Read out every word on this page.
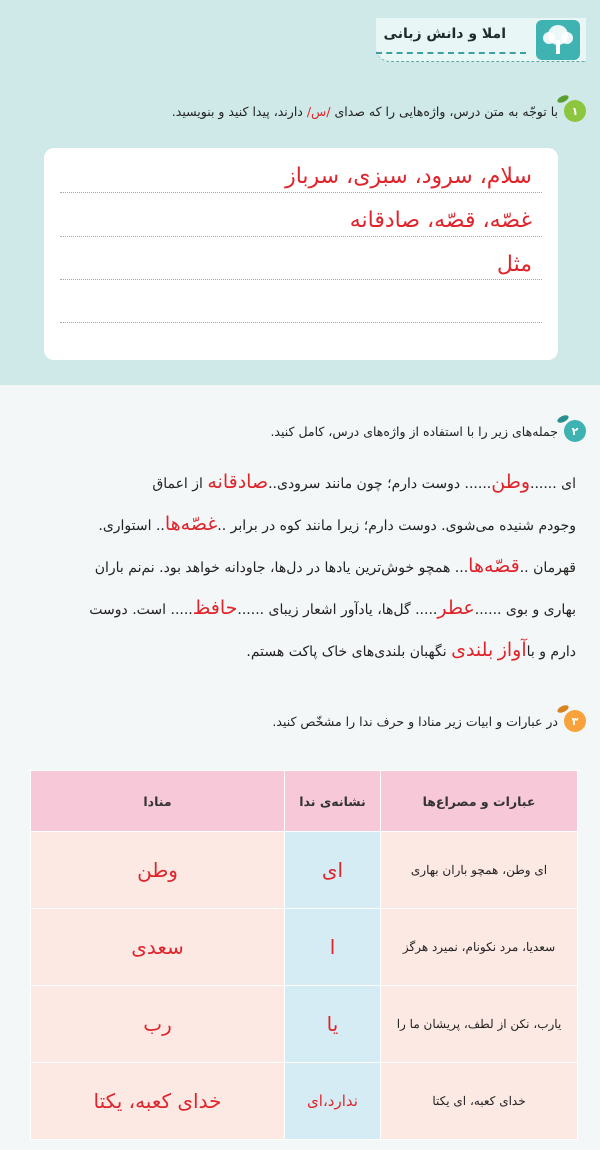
املا و دانش زبانی
۱
با توجّه به متن درس، واژه‌هایی را که صدای /س/ دارند، پیدا کنید و بنویسید.
سلام، سرود، سبزی، سرباز
غصّه، قصّه، صادقانه
مثل
۲
جمله‌های زیر را با استفاده از واژه‌های درس، کامل کنید.
ای ......وطن...... دوست دارم؛ چون مانند سرودی..صادقانه از اعماق
وجودم شنیده می‌شوی. دوست دارم؛ زیرا مانند کوه در برابر ..غصّه‌ها.. استواری.
قهرمان ..قصّه‌ها... همچو خوش‌ترین یادها در دل‌ها، جاودانه خواهد بود. نم‌نم باران
بهاری و بوی ......عطر..... گل‌ها، یادآور اشعار زیبای ......حافظ..... است. دوست
دارم و باآواز بلندی نگهبان بلندی‌های خاک پاکت هستم.
۳
در عبارات و ابیات زیر منادا و حرف ندا را مشخّص کنید.
عبارات و مصراع‌ها	نشانه‌ی ندا	منادا
ای وطن، همچو باران بهاری	ای	وطن
سعدیا، مرد نکونام، نمیرد هرگز	ا	سعدی
یارب، نکن از لطف، پریشان ما را	یا	رب
خدای کعبه، ای یکتا	ندارد،ای	خدای کعبه، یکتا
